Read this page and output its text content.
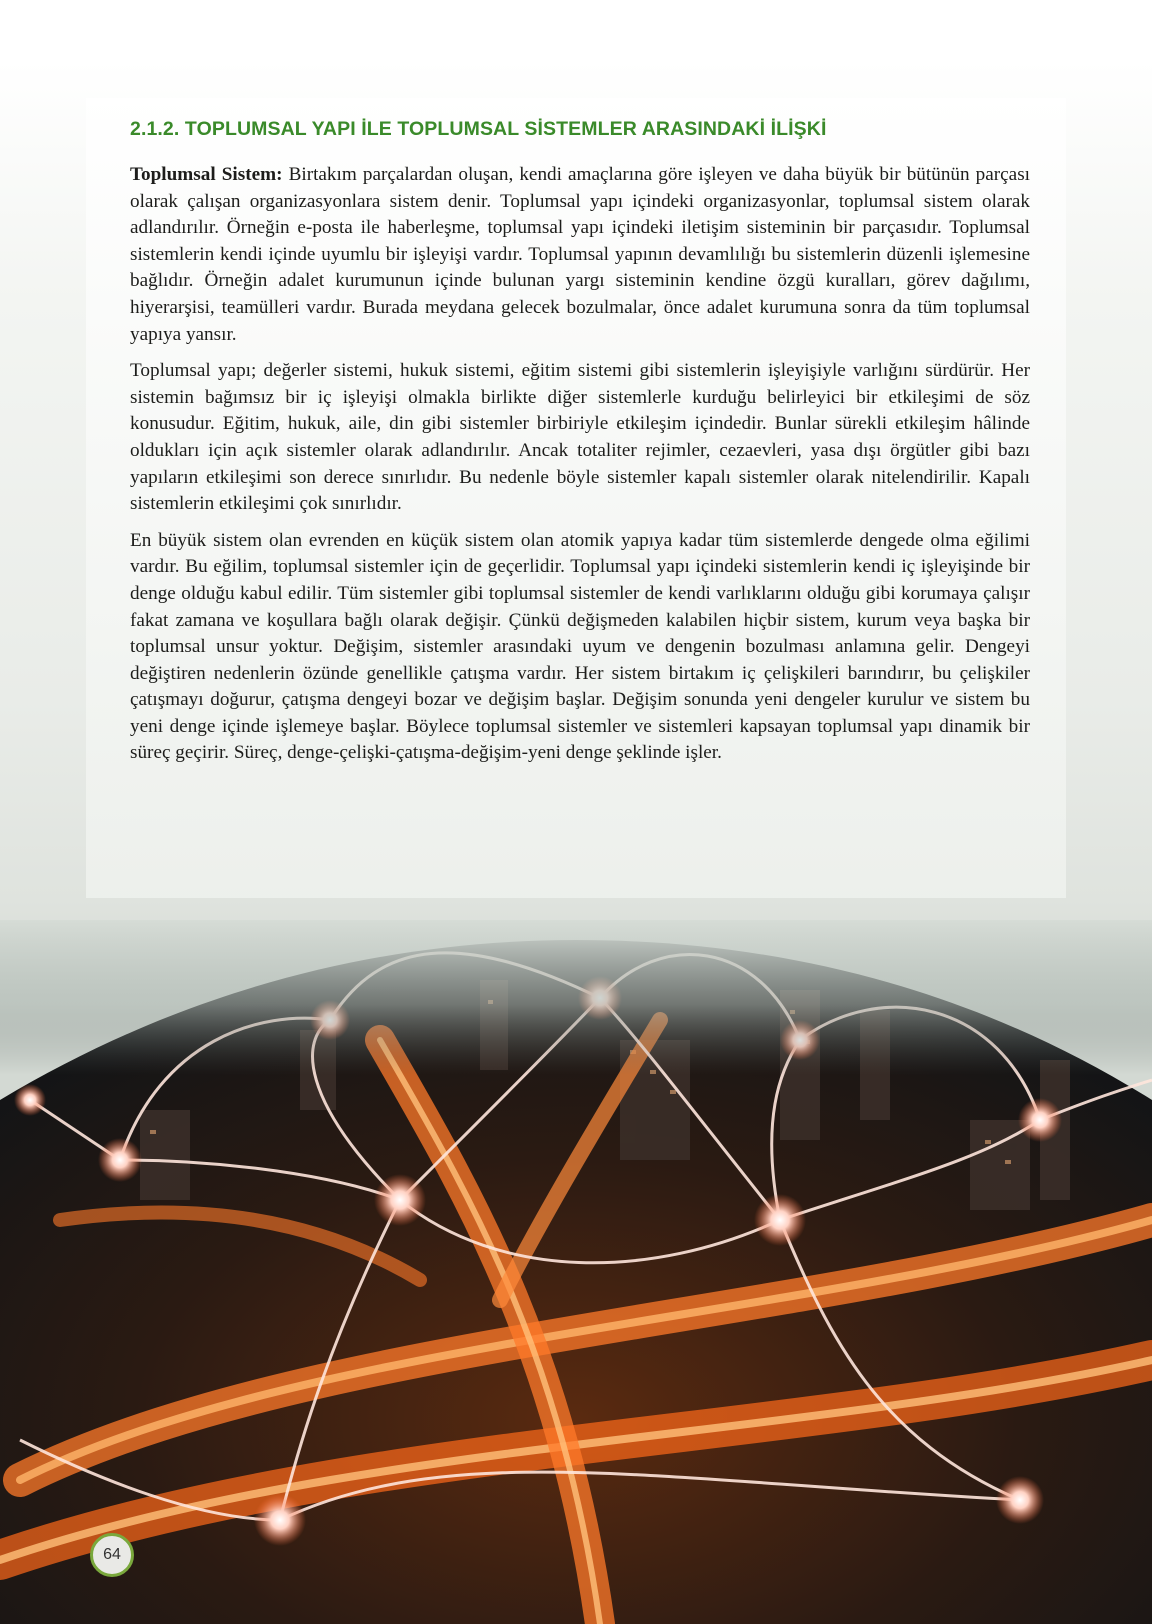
2.1.2. TOPLUMSAL YAPI İLE TOPLUMSAL SİSTEMLER ARASINDAKİ İLİŞKİ

Toplumsal Sistem: Birtakım parçalardan oluşan, kendi amaçlarına göre işleyen ve daha büyük bir bütünün parçası olarak çalışan organizasyonlara sistem denir. Toplumsal yapı içindeki organizasyonlar, toplumsal sistem olarak adlandırılır. Örneğin e-posta ile haberleşme, toplumsal yapı içindeki iletişim sisteminin bir parçasıdır. Toplumsal sistemlerin kendi içinde uyumlu bir işleyişi vardır. Toplumsal yapının devamlılığı bu sistemlerin düzenli işlemesine bağlıdır. Örneğin adalet kurumunun içinde bulunan yargı sisteminin kendine özgü kuralları, görev dağılımı, hiyerarşisi, teamülleri vardır. Burada meydana gelecek bozulmalar, önce adalet kurumuna sonra da tüm toplumsal yapıya yansır.

Toplumsal yapı; değerler sistemi, hukuk sistemi, eğitim sistemi gibi sistemlerin işleyişiyle varlığını sürdürür. Her sistemin bağımsız bir iç işleyişi olmakla birlikte diğer sistemlerle kurduğu belirleyici bir etkileşimi de söz konusudur. Eğitim, hukuk, aile, din gibi sistemler birbiriyle etkileşim içindedir. Bunlar sürekli etkileşim hâlinde oldukları için açık sistemler olarak adlandırılır. Ancak totaliter rejimler, cezaevleri, yasa dışı örgütler gibi bazı yapıların etkileşimi son derece sınırlıdır. Bu nedenle böyle sistemler kapalı sistemler olarak nitelendirilir. Kapalı sistemlerin etkileşimi çok sınırlıdır.

En büyük sistem olan evrenden en küçük sistem olan atomik yapıya kadar tüm sistemlerde dengede olma eğilimi vardır. Bu eğilim, toplumsal sistemler için de geçerlidir. Toplumsal yapı içindeki sistemlerin kendi iç işleyişinde bir denge olduğu kabul edilir. Tüm sistemler gibi toplumsal sistemler de kendi varlıklarını olduğu gibi korumaya çalışır fakat zamana ve koşullara bağlı olarak değişir. Çünkü değişmeden kalabilen hiçbir sistem, kurum veya başka bir toplumsal unsur yoktur. Değişim, sistemler arasındaki uyum ve dengenin bozulması anlamına gelir. Dengeyi değiştiren nedenlerin özünde genellikle çatışma vardır. Her sistem birtakım iç çelişkileri barındırır, bu çelişkiler çatışmayı doğurur, çatışma dengeyi bozar ve değişim başlar. Değişim sonunda yeni dengeler kurulur ve sistem bu yeni denge içinde işlemeye başlar. Böylece toplumsal sistemler ve sistemleri kapsayan toplumsal yapı dinamik bir süreç geçirir. Süreç, denge-çelişki-çatışma-değişim-yeni denge şeklinde işler.

64
